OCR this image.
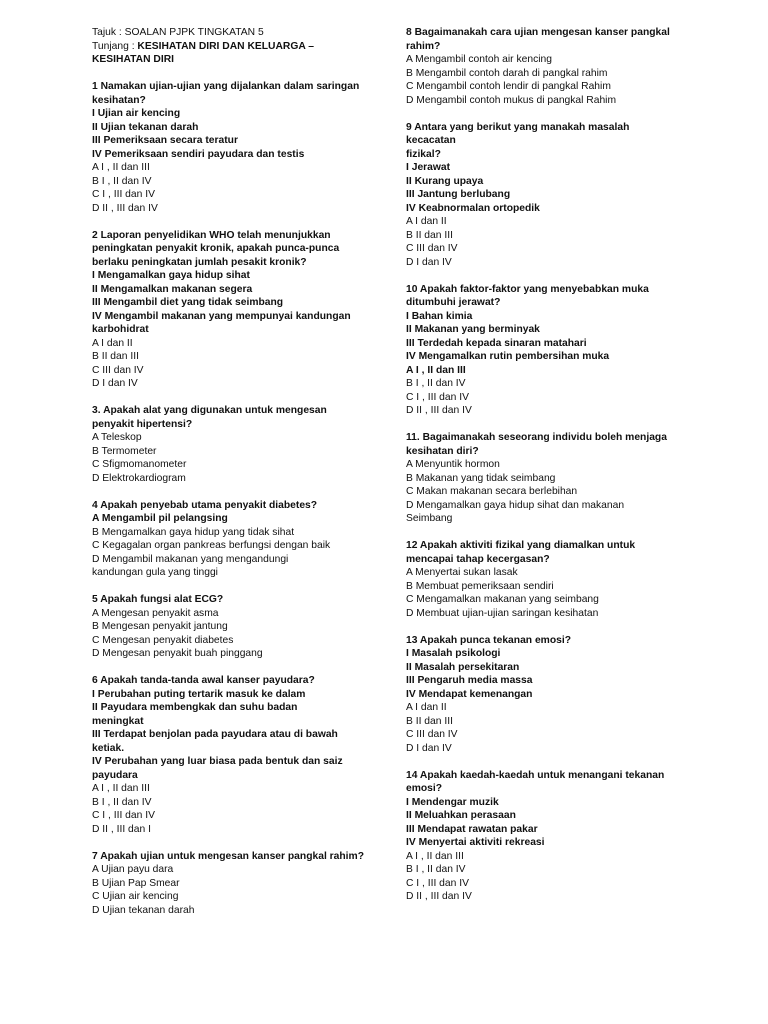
Tajuk : SOALAN PJPK TINGKATAN 5
Tunjang : KESIHATAN DIRI DAN KELUARGA –
KESIHATAN DIRI
1 Namakan ujian-ujian yang dijalankan dalam saringan
kesihatan?
I Ujian air kencing
II Ujian tekanan darah
III Pemeriksaan secara teratur
IV Pemeriksaan sendiri payudara dan testis
A I , II dan III
B I , II dan IV
C I , III dan IV
D II , III dan IV
2 Laporan penyelidikan WHO telah menunjukkan
peningkatan penyakit kronik, apakah punca-punca
berlaku peningkatan jumlah pesakit kronik?
I Mengamalkan gaya hidup sihat
II Mengamalkan makanan segera
III Mengambil diet yang tidak seimbang
IV Mengambil makanan yang mempunyai kandungan
karbohidrat
A I dan II
B II dan III
C III dan IV
D I dan IV
3. Apakah alat yang digunakan untuk mengesan
penyakit hipertensi?
A Teleskop
B Termometer
C Sfigmomanometer
D Elektrokardiogram
4 Apakah penyebab utama penyakit diabetes?
A Mengambil pil pelangsing
B Mengamalkan gaya hidup yang tidak sihat
C Kegagalan organ pankreas berfungsi dengan baik
D Mengambil makanan yang mengandungi
kandungan gula yang tinggi
5 Apakah fungsi alat ECG?
A Mengesan penyakit asma
B Mengesan penyakit jantung
C Mengesan penyakit diabetes
D Mengesan penyakit buah pinggang
6 Apakah tanda-tanda awal kanser payudara?
I Perubahan puting tertarik masuk ke dalam
II Payudara membengkak dan suhu badan
meningkat
III Terdapat benjolan pada payudara atau di bawah
ketiak.
IV Perubahan yang luar biasa pada bentuk dan saiz
payudara
A I , II dan III
B I , II dan IV
C I , III dan IV
D II , III dan I
7 Apakah ujian untuk mengesan kanser pangkal rahim?
A Ujian payu dara
B Ujian Pap Smear
C Ujian air kencing
D Ujian tekanan darah
8 Bagaimanakah cara ujian mengesan kanser pangkal
rahim?
A Mengambil contoh air kencing
B Mengambil contoh darah di pangkal rahim
C Mengambil contoh lendir di pangkal Rahim
D Mengambil contoh mukus di pangkal Rahim
9 Antara yang berikut yang manakah masalah
kecacatan
fizikal?
I Jerawat
II Kurang upaya
III Jantung berlubang
IV Keabnormalan ortopedik
A I dan II
B II dan III
C III dan IV
D I dan IV
10 Apakah faktor-faktor yang menyebabkan muka
ditumbuhi jerawat?
I Bahan kimia
II Makanan yang berminyak
III Terdedah kepada sinaran matahari
IV Mengamalkan rutin pembersihan muka
A I , II dan III
B I , II dan IV
C I , III dan IV
D II , III dan IV
11. Bagaimanakah seseorang individu boleh menjaga
kesihatan diri?
A Menyuntik hormon
B Makanan yang tidak seimbang
C Makan makanan secara berlebihan
D Mengamalkan gaya hidup sihat dan makanan
Seimbang
12 Apakah aktiviti fizikal yang diamalkan untuk
mencapai tahap kecergasan?
A Menyertai sukan lasak
B Membuat pemeriksaan sendiri
C Mengamalkan makanan yang seimbang
D Membuat ujian-ujian saringan kesihatan
13 Apakah punca tekanan emosi?
I Masalah psikologi
II Masalah persekitaran
III Pengaruh media massa
IV Mendapat kemenangan
A I dan II
B II dan III
C III dan IV
D I dan IV
14 Apakah kaedah-kaedah untuk menangani tekanan
emosi?
I Mendengar muzik
II Meluahkan perasaan
III Mendapat rawatan pakar
IV Menyertai aktiviti rekreasi
A I , II dan III
B I , II dan IV
C I , III dan IV
D II , III dan IV
